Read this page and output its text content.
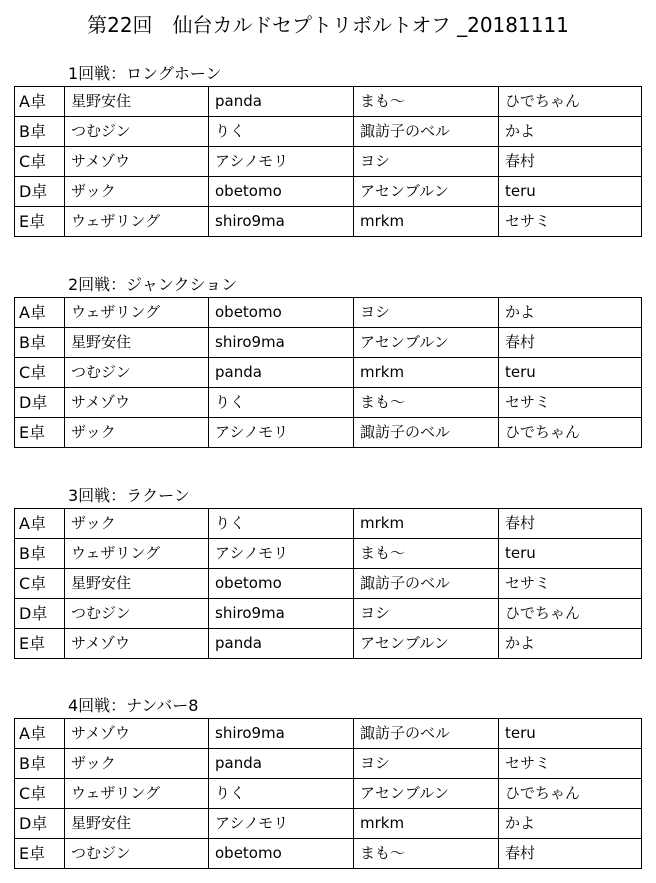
第22回　仙台カルドセプトリボルトオフ _20181111
1回戦：ロングホーン
A卓	星野安住	panda	まも～	ひでちゃん
B卓	つむジン	りく	諏訪子のベル	かよ
C卓	サメゾウ	アシノモリ	ヨシ	春村
D卓	ザック	obetomo	アセンブルン	teru
E卓	ウェザリング	shiro9ma	mrkm	セサミ
2回戦：ジャンクション
A卓	ウェザリング	obetomo	ヨシ	かよ
B卓	星野安住	shiro9ma	アセンブルン	春村
C卓	つむジン	panda	mrkm	teru
D卓	サメゾウ	りく	まも～	セサミ
E卓	ザック	アシノモリ	諏訪子のベル	ひでちゃん
3回戦：ラクーン
A卓	ザック	りく	mrkm	春村
B卓	ウェザリング	アシノモリ	まも～	teru
C卓	星野安住	obetomo	諏訪子のベル	セサミ
D卓	つむジン	shiro9ma	ヨシ	ひでちゃん
E卓	サメゾウ	panda	アセンブルン	かよ
4回戦：ナンバー8
A卓	サメゾウ	shiro9ma	諏訪子のベル	teru
B卓	ザック	panda	ヨシ	セサミ
C卓	ウェザリング	りく	アセンブルン	ひでちゃん
D卓	星野安住	アシノモリ	mrkm	かよ
E卓	つむジン	obetomo	まも～	春村
